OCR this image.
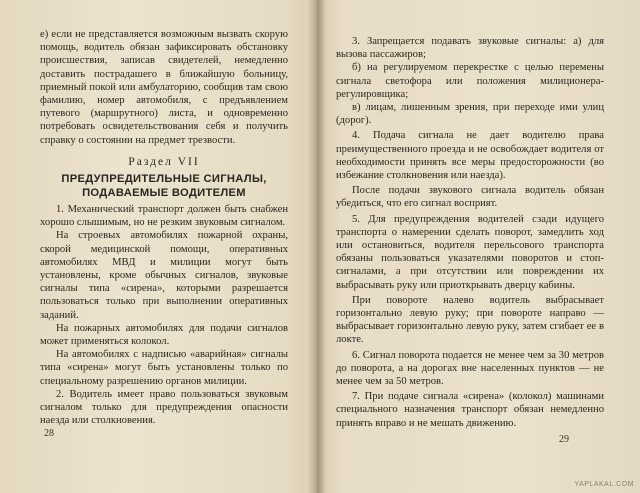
е) если не представляется возможным вызвать скорую помощь, водитель обязан зафиксировать обстановку происшествия, записав свидетелей, немедленно доставить пострадашего в ближайшую больницу, приемный покой или амбулаторию, сообщив там свою фамилию, номер автомобиля, с предъявлением путевого (маршрутного) листа, и одновременно потребовать освидетельствования себя и получить справку о состоянии на предмет трезвости.

Раздел VII
ПРЕДУПРЕДИТЕЛЬНЫЕ СИГНАЛЫ,
ПОДАВАЕМЫЕ ВОДИТЕЛЕМ

1. Механический транспорт должен быть снабжен хорошо слышимым, но не резким звуковым сигналом.

На строевых автомобилях пожарной охраны, скорой медицинской помощи, оперативных автомобилях МВД и милиции могут быть установлены, кроме обычных сигналов, звуковые сигналы типа «сирена», которыми разрешается пользоваться только при выполнении оперативных заданий.

На пожарных автомобилях для подачи сигналов может применяться колокол.

На автомобилях с надписью «аварийная» сигналы типа «сирена» могут быть установлены только по специальному разрешению органов милиции.

2. Водитель имеет право пользоваться звуковым сигналом только для предупреждения опасности наезда или столкновения.

28

3. Запрещается подавать звуковые сигналы: а) для вызова пассажиров;

б) на регулируемом перекрестке с целью перемены сигнала светофора или положения милиционера-регулировщика;

в) лицам, лишенным зрения, при переходе ими улиц (дорог).

4. Подача сигнала не дает водителю права преимущественного проезда и не освобождает водителя от необходимости принять все меры предосторожности (во избежание столкновения или наезда).

После подачи звукового сигнала водитель обязан убедиться, что его сигнал восприят.

5. Для предупреждения водителей сзади идущего транспорта о намерении сделать поворот, замедлить ход или остановиться, водителя перельсового транспорта обязаны пользоваться указателями поворотов и стоп-сигналами, а при отсутствии или повреждении их выбрасывать руку или приоткрывать дверцу кабины.

При повороте налево водитель выбрасывает горизонтально левую руку; при повороте направо — выбрасывает горизонтально левую руку, затем сгибает ее в локте.

6. Сигнал поворота подается не менее чем за 30 метров до поворота, а на дорогах вне населенных пунктов — не менее чем за 50 метров.

7. При подаче сигнала «сирена» (колокол) машинами специального назначения транспорт обязан немедленно принять вправо и не мешать движению.

29
YAPLAKAL.COM
